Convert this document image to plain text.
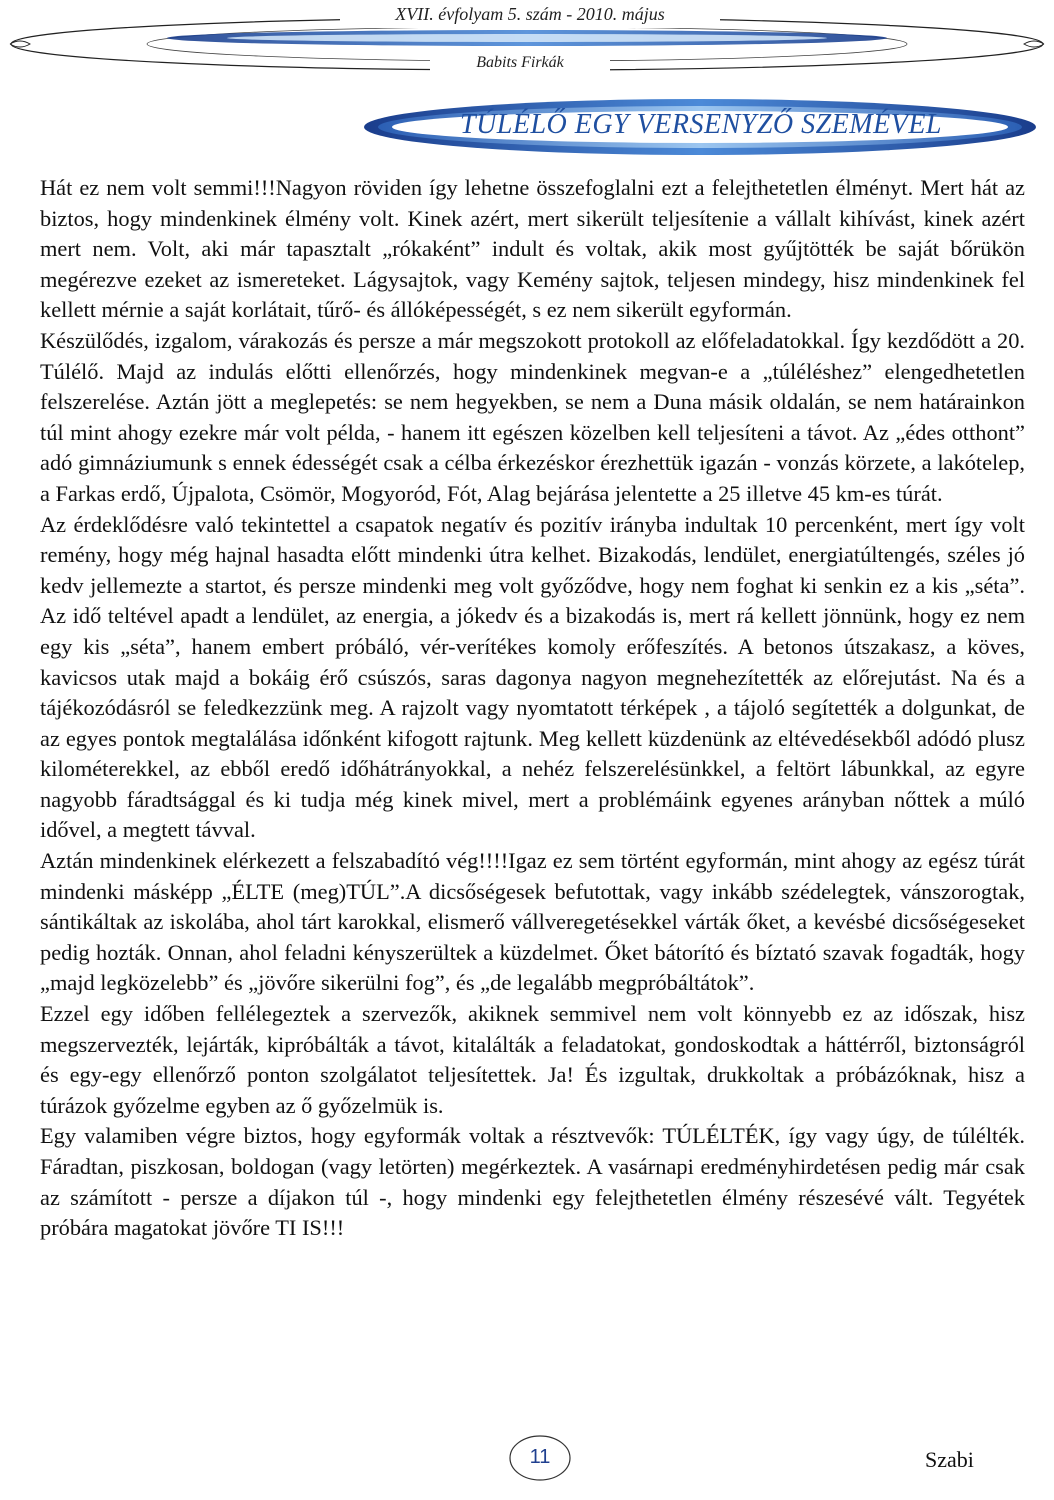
XVII. évfolyam 5. szám - 2010. május
Babits Firkák
TÚLÉLŐ EGY VERSENYZŐ SZEMÉVEL

Hát ez nem volt semmi!!!Nagyon röviden így lehetne összefoglalni ezt a felejthetetlen élményt. Mert hát az biztos, hogy mindenkinek élmény volt. Kinek azért, mert sikerült teljesítenie a vállalt kihívást, kinek azért mert nem. Volt, aki már tapasztalt „rókaként” indult és voltak, akik most gyűjtötték be saját bőrükön megérezve ezeket az ismereteket. Lágysajtok, vagy Kemény sajtok, teljesen mindegy, hisz mindenkinek fel kellett mérnie a saját korlátait, tűrő- és állóképességét, s ez nem sikerült egyformán.

Készülődés, izgalom, várakozás és persze a már megszokott protokoll az előfeladatokkal. Így kezdődött a 20. Túlélő. Majd az indulás előtti ellenőrzés, hogy mindenkinek megvan-e a „túléléshez” elengedhetetlen felszerelése. Aztán jött a meglepetés: se nem hegyekben, se nem a Duna másik oldalán, se nem határainkon túl mint ahogy ezekre már volt példa, - hanem itt egészen közelben kell teljesíteni a távot. Az „édes otthont” adó gimnáziumunk s ennek édességét csak a célba érkezéskor érezhettük igazán - vonzás körzete, a lakótelep, a Farkas erdő, Újpalota, Csömör, Mogyoród, Fót, Alag bejárása jelentette a 25 illetve 45 km-es túrát.

Az érdeklődésre való tekintettel a csapatok negatív és pozitív irányba indultak 10 percenként, mert így volt remény, hogy még hajnal hasadta előtt mindenki útra kelhet. Bizakodás, lendület, energiatúltengés, széles jó kedv jellemezte a startot, és persze mindenki meg volt győződve, hogy nem foghat ki senkin ez a kis „séta”. Az idő teltével apadt a lendület, az energia, a jókedv és a bizakodás is, mert rá kellett jönnünk, hogy ez nem egy kis „séta”, hanem embert próbáló, vér-verítékes komoly erőfeszítés. A betonos útszakasz, a köves, kavicsos utak majd a bokáig érő csúszós, saras dagonya nagyon megnehezítették az előrejutást. Na és a tájékozódásról se feledkezzünk meg. A rajzolt vagy nyomtatott térképek , a tájoló segítették a dolgunkat, de az egyes pontok megtalálása időnként kifogott rajtunk. Meg kellett küzdenünk az eltévedésekből adódó plusz kilométerekkel, az ebből eredő időhátrányokkal, a nehéz felszerelésünkkel, a feltört lábunkkal, az egyre nagyobb fáradtsággal és ki tudja még kinek mivel, mert a problémáink egyenes arányban nőttek a múló idővel, a megtett távval.

Aztán mindenkinek elérkezett a felszabadító vég!!!!Igaz ez sem történt egyformán, mint ahogy az egész túrát mindenki másképp „ÉLTE (meg)TÚL”.A dicsőségesek befutottak, vagy inkább szédelegtek, vánszorogtak, sántikáltak az iskolába, ahol tárt karokkal, elismerő vállveregetésekkel várták őket, a kevésbé dicsőségeseket pedig hozták. Onnan, ahol feladni kényszerültek a küzdelmet. Őket bátorító és bíztató szavak fogadták, hogy „majd legközelebb” és „jövőre sikerülni fog”, és „de legalább megpróbáltátok”.

Ezzel egy időben fellélegeztek a szervezők, akiknek semmivel nem volt könnyebb ez az időszak, hisz megszervezték, lejárták, kipróbálták a távot, kitalálták a feladatokat, gondoskodtak a háttérről, biztonságról és egy-egy ellenőrző ponton szolgálatot teljesítettek. Ja! És izgultak, drukkoltak a próbázóknak, hisz a túrázok győzelme egyben az ő győzelmük is.

Egy valamiben végre biztos, hogy egyformák voltak a résztvevők: TÚLÉLTÉK, így vagy úgy, de túlélték. Fáradtan, piszkosan, boldogan (vagy letörten) megérkeztek. A vasárnapi eredményhirdetésen pedig már csak az számított - persze a díjakon túl -, hogy mindenki egy felejthetetlen élmény részesévé vált. Tegyétek próbára magatokat jövőre TI IS!!!

11	Szabi
